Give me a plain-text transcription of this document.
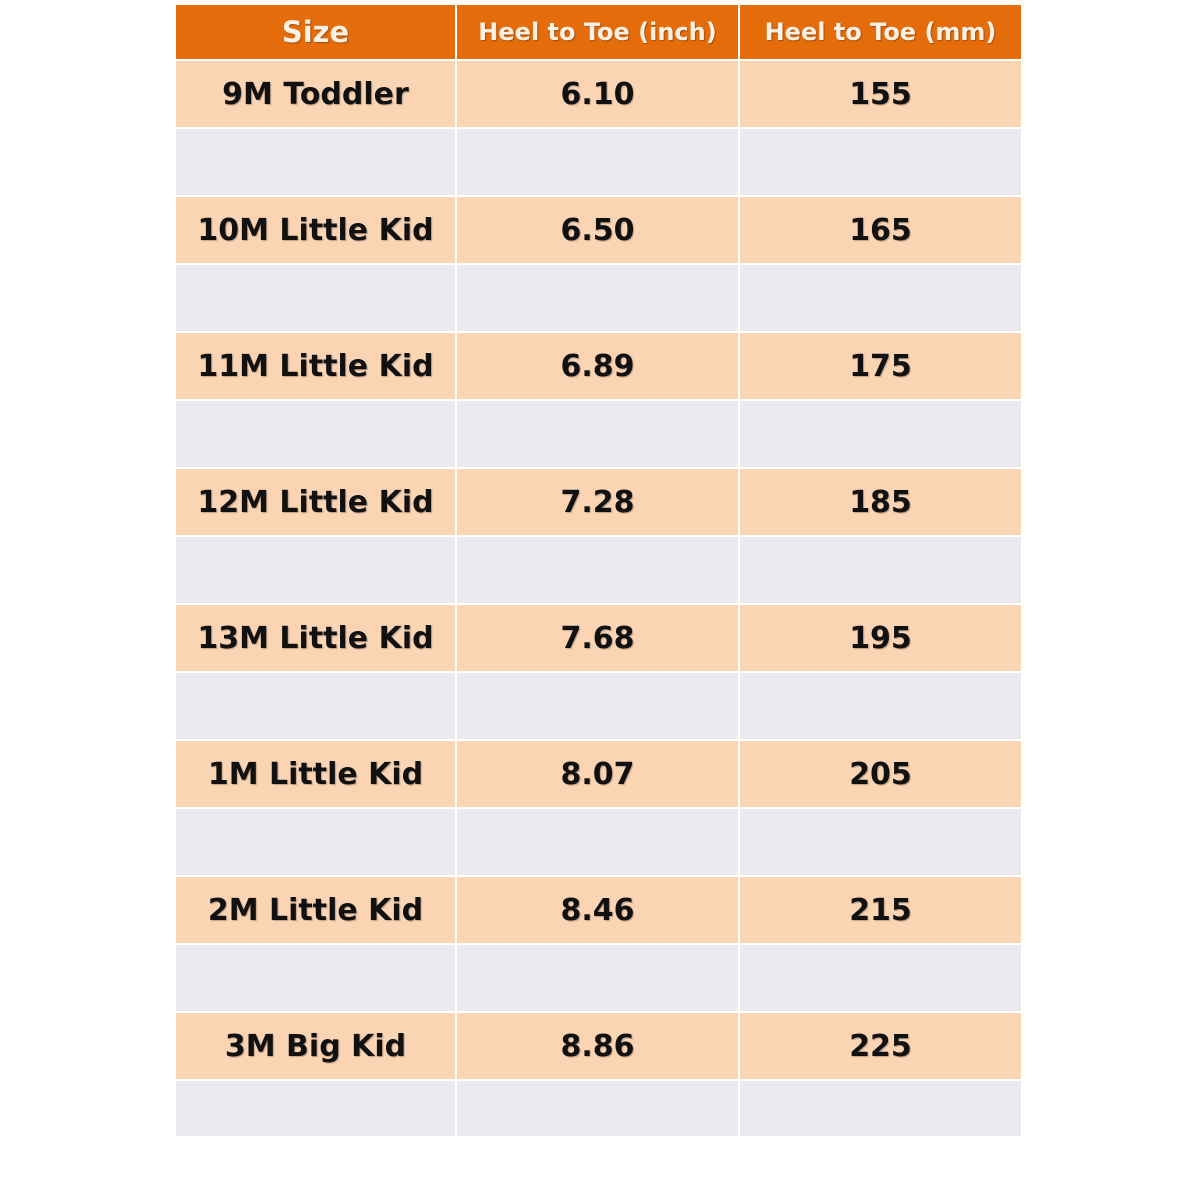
Size	Heel to Toe (inch)	Heel to Toe (mm)
9M Toddler	6.10	155

10M Little Kid	6.50	165

11M Little Kid	6.89	175

12M Little Kid	7.28	185

13M Little Kid	7.68	195

1M Little Kid	8.07	205

2M Little Kid	8.46	215

3M Big Kid	8.86	225
